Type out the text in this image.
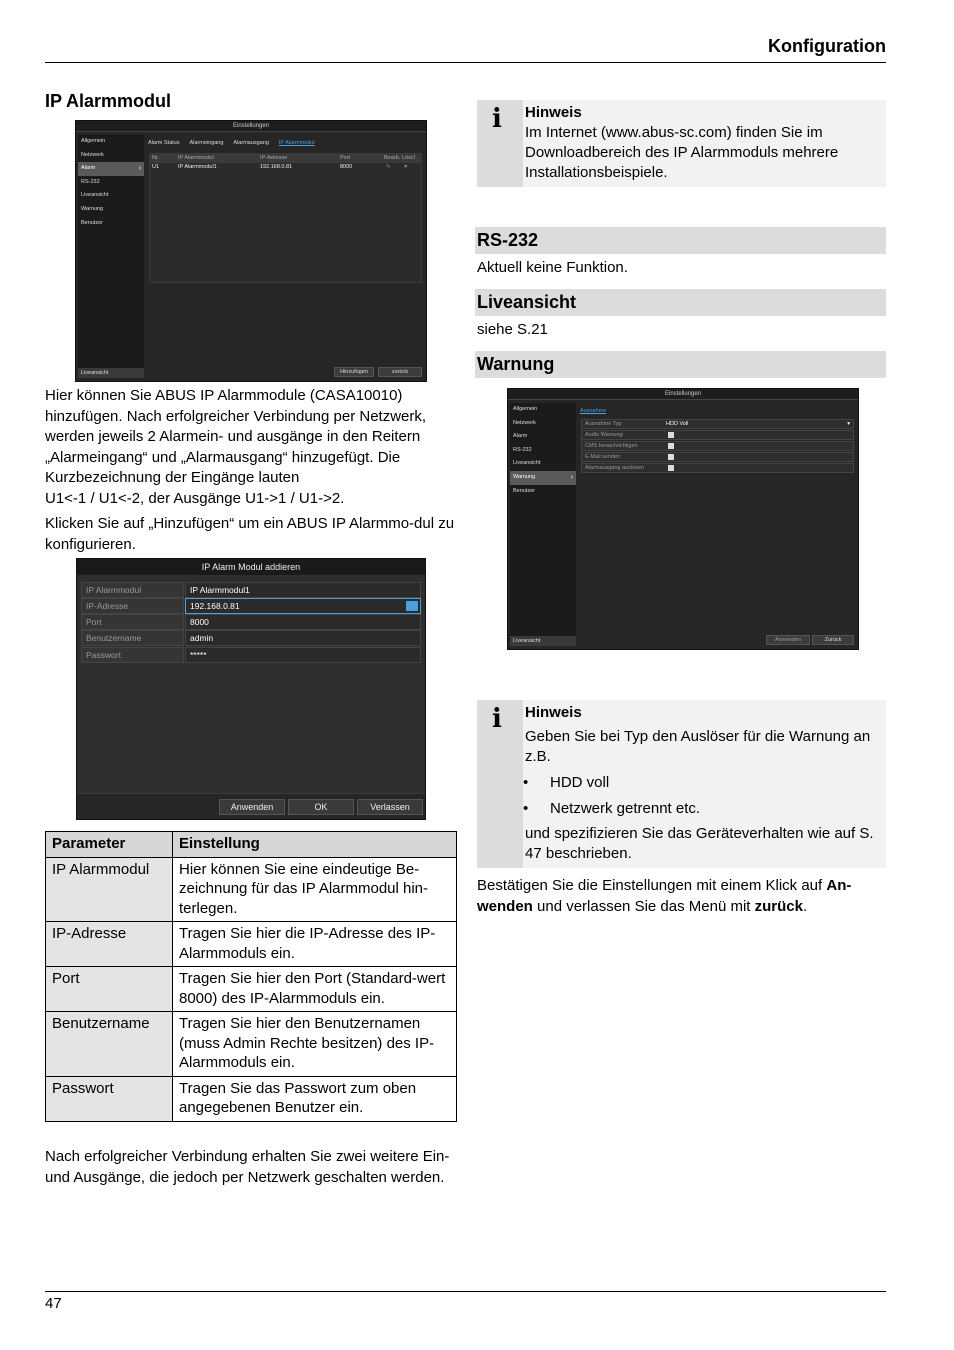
Konfiguration
IP Alarmmodul
Einstellungen
Allgemein
Netzwerk
Alarm ›
RS-232
Liveansicht
Warnung
Benutzer
Liveansicht
Alarm Status Alarmeingang Alarmausgang IP Alarmmodul
Nr.	IP Alarmmodul	IP-Adresse	Port	Bearb. Löscl
U1	IP Alarmmodul1	192.168.0.81	8000	✎ ×
Hinzufügen	zurück
Hier können Sie ABUS IP Alarmmodule (CASA10010) hinzufügen. Nach erfolgreicher Verbindung per Netzwerk, werden jeweils 2 Alarmein- und ausgänge in den Reitern „Alarmeingang“ und „Alarmausgang“ hinzugefügt. Die Kurzbezeichnung der Eingänge lauten
U1<-1 / U1<-2, der Ausgänge U1->1 / U1->2.
Klicken Sie auf „Hinzufügen“ um ein ABUS IP Alarmmo-dul zu konfigurieren.
IP Alarm Modul addieren
IP Alarmmodul	IP Alarmmodul1
IP-Adresse	192.168.0.81
Port	8000
Benutzername	admin
Passwort	*****
Anwenden	OK	Verlassen
Parameter	Einstellung
IP Alarmmodul	Hier können Sie eine eindeutige Be-zeichnung für das IP Alarmmodul hin-terlegen.
IP-Adresse	Tragen Sie hier die IP-Adresse des IP-Alarmmoduls ein.
Port	Tragen Sie hier den Port (Standard-wert 8000) des IP-Alarmmoduls ein.
Benutzername	Tragen Sie hier den Benutzernamen (muss Admin Rechte besitzen) des IP-Alarmmoduls ein.
Passwort	Tragen Sie das Passwort zum oben angegebenen Benutzer ein.
Nach erfolgreicher Verbindung erhalten Sie zwei weitere Ein- und Ausgänge, die jedoch per Netzwerk geschalten werden.
i Hinweis
Im Internet (www.abus-sc.com) finden Sie im Downloadbereich des IP Alarmmoduls mehrere Installationsbeispiele.
RS-232
Aktuell keine Funktion.
Liveansicht
siehe S.21
Warnung
Einstellungen
Allgemein
Netzwerk
Alarm
RS-232
Liveansicht
Warnung ›
Benutzer
Liveansicht
Ausnahme
Ausnahme Typ	HDD Voll	▾
Audio Warnung
CMS benachrichtigen
E-Mail senden
Alarmausgang auslösen
Anwenden	Zurück
i Hinweis
Geben Sie bei Typ den Auslöser für die Warnung an z.B.
• HDD voll
• Netzwerk getrennt etc.
und spezifizieren Sie das Geräteverhalten wie auf S. 47 beschrieben.
Bestätigen Sie die Einstellungen mit einem Klick auf An-wenden und verlassen Sie das Menü mit zurück.
47
